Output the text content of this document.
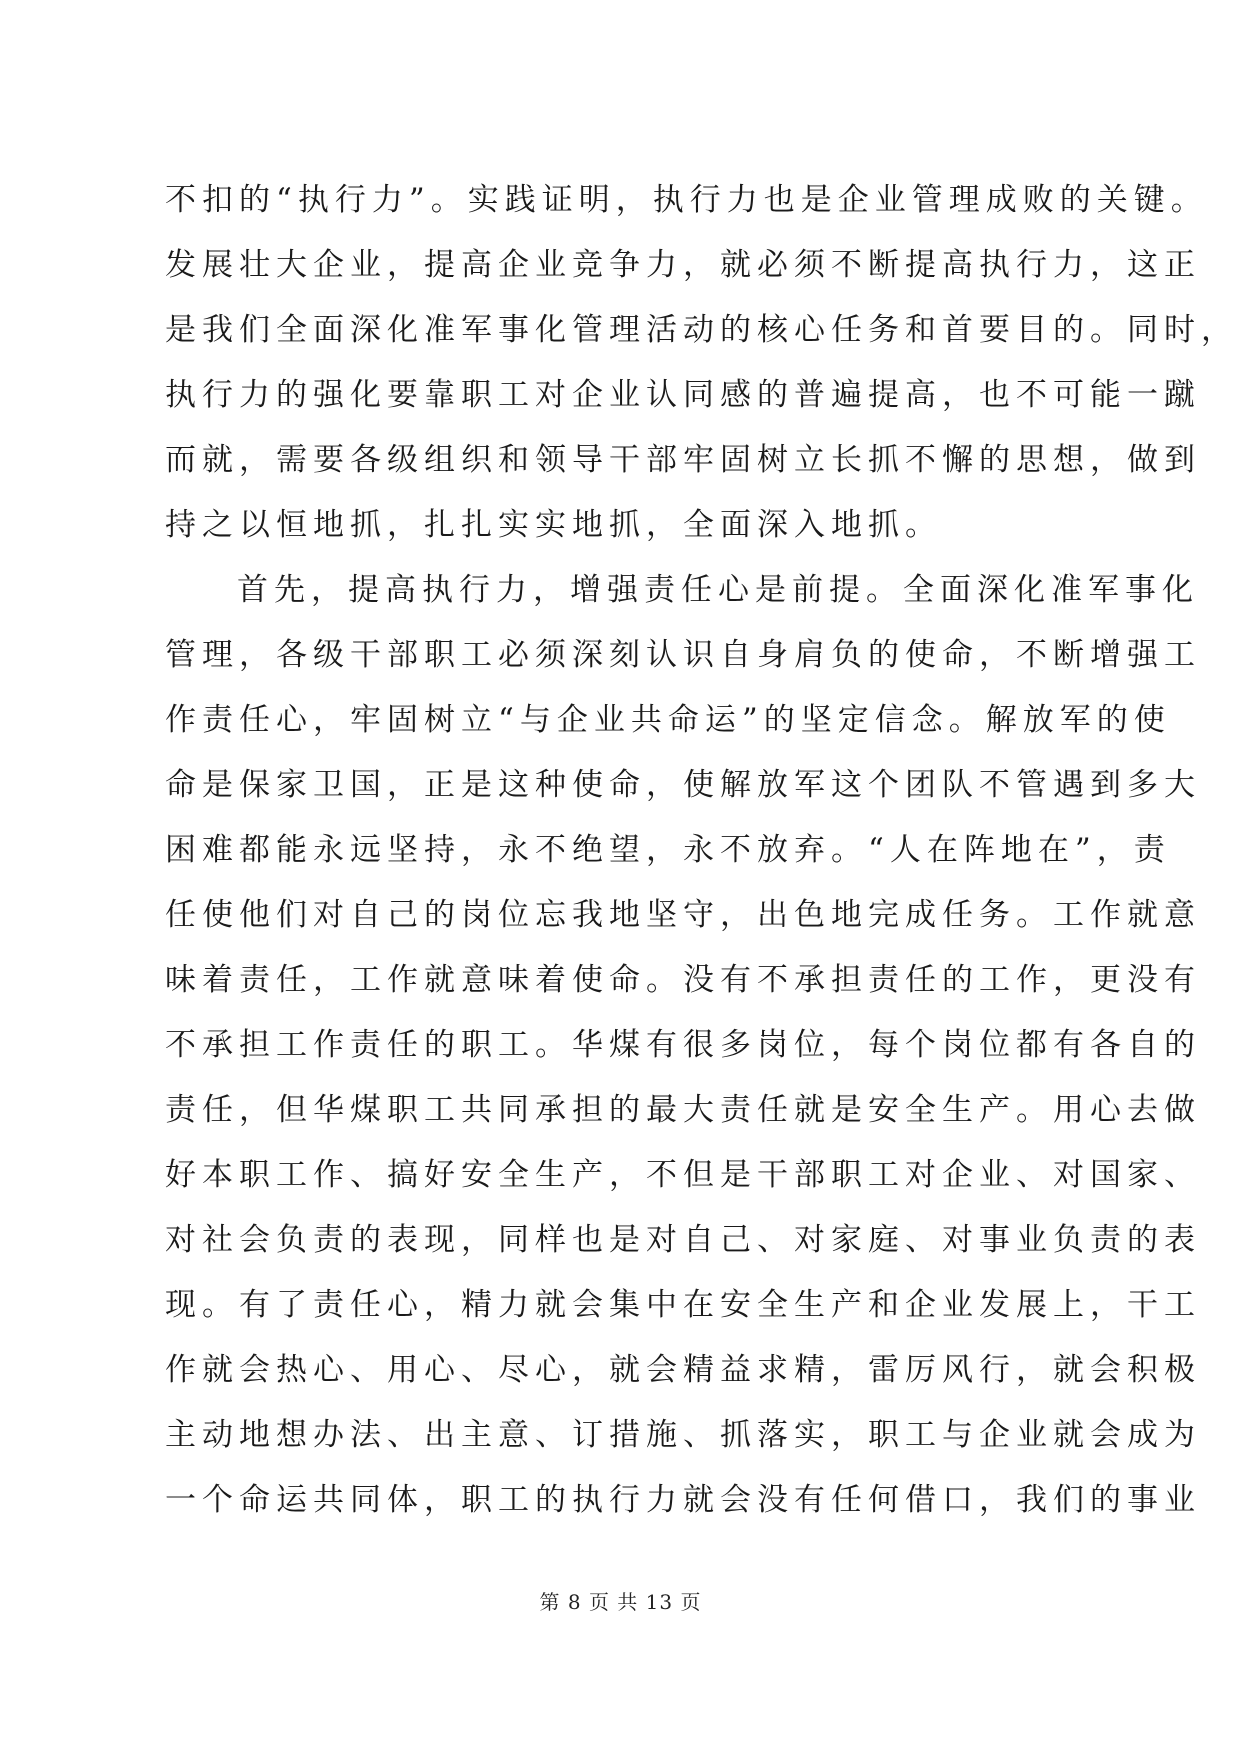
不扣的“执行力”。实践证明，执行力也是企业管理成败的关键。
发展壮大企业，提高企业竞争力，就必须不断提高执行力，这正
是我们全面深化准军事化管理活动的核心任务和首要目的。同时，
执行力的强化要靠职工对企业认同感的普遍提高，也不可能一蹴
而就，需要各级组织和领导干部牢固树立长抓不懈的思想，做到
持之以恒地抓，扎扎实实地抓，全面深入地抓。
首先，提高执行力，增强责任心是前提。全面深化准军事化
管理，各级干部职工必须深刻认识自身肩负的使命，不断增强工
作责任心，牢固树立“与企业共命运”的坚定信念。解放军的使
命是保家卫国，正是这种使命，使解放军这个团队不管遇到多大
困难都能永远坚持，永不绝望，永不放弃。“人在阵地在”，责
任使他们对自己的岗位忘我地坚守，出色地完成任务。工作就意
味着责任，工作就意味着使命。没有不承担责任的工作，更没有
不承担工作责任的职工。华煤有很多岗位，每个岗位都有各自的
责任，但华煤职工共同承担的最大责任就是安全生产。用心去做
好本职工作、搞好安全生产，不但是干部职工对企业、对国家、
对社会负责的表现，同样也是对自己、对家庭、对事业负责的表
现。有了责任心，精力就会集中在安全生产和企业发展上，干工
作就会热心、用心、尽心，就会精益求精，雷厉风行，就会积极
主动地想办法、出主意、订措施、抓落实，职工与企业就会成为
一个命运共同体，职工的执行力就会没有任何借口，我们的事业
第 8 页 共 13 页
